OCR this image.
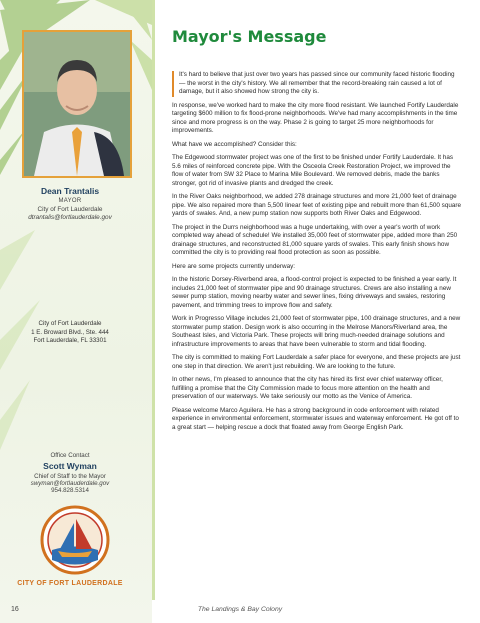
Dean Trantalis
MAYOR
City of Fort Lauderdale
dtrantalis@fortlauderdale.gov
City of Fort Lauderdale
1 E. Broward Blvd., Ste. 444
Fort Lauderdale, FL 33301
Office Contact
Scott Wyman
Chief of Staff to the Mayor
swyman@fortlauderdale.gov
954.828.5314
CITY OF FORT LAUDERDALE
Mayor's Message

It's hard to believe that just over two years has passed since our community faced historic flooding — the worst in the city's history. We all remember that the record-breaking rain caused a lot of damage, but it also showed how strong the city is.

In response, we've worked hard to make the city more flood resistant. We launched Fortify Lauderdale targeting $600 million to fix flood-prone neighborhoods. We've had many accomplishments in the time since and more progress is on the way. Phase 2 is going to target 25 more neighborhoods for improvements.

What have we accomplished? Consider this:

The Edgewood stormwater project was one of the first to be finished under Fortify Lauderdale. It has 5.6 miles of reinforced concrete pipe. With the Osceola Creek Restoration Project, we improved the flow of water from SW 32 Place to Marina Mile Boulevard. We removed debris, made the banks stronger, got rid of invasive plants and dredged the creek.

In the River Oaks neighborhood, we added 278 drainage structures and more 21,000 feet of drainage pipe. We also repaired more than 5,500 linear feet of existing pipe and rebuilt more than 61,500 square yards of swales. And, a new pump station now supports both River Oaks and Edgewood.

The project in the Durrs neighborhood was a huge undertaking, with over a year's worth of work completed way ahead of schedule! We installed 35,000 feet of stormwater pipe, added more than 250 drainage structures, and reconstructed 81,000 square yards of swales. This early finish shows how committed the city is to providing real flood protection as soon as possible.

Here are some projects currently underway:

In the historic Dorsey-Riverbend area, a flood-control project is expected to be finished a year early. It includes 21,000 feet of stormwater pipe and 90 drainage structures. Crews are also installing a new sewer pump station, moving nearby water and sewer lines, fixing driveways and swales, restoring pavement, and trimming trees to improve flow and safety.

Work in Progresso Village includes 21,000 feet of stormwater pipe, 100 drainage structures, and a new stormwater pump station. Design work is also occurring in the Melrose Manors/Riverland area, the Southeast Isles, and Victoria Park. These projects will bring much-needed drainage solutions and infrastructure improvements to areas that have been vulnerable to storm and tidal flooding.

The city is committed to making Fort Lauderdale a safer place for everyone, and these projects are just one step in that direction. We aren't just rebuilding. We are looking to the future.

In other news, I'm pleased to announce that the city has hired its first ever chief waterway officer, fulfilling a promise that the City Commission made to focus more attention on the health and preservation of our waterways. We take seriously our motto as the Venice of America.

Please welcome Marco Aguilera. He has a strong background in code enforcement with related experience in environmental enforcement, stormwater issues and waterway enforcement. He got off to a great start — helping rescue a dock that floated away from George English Park.

16	The Landings & Bay Colony
